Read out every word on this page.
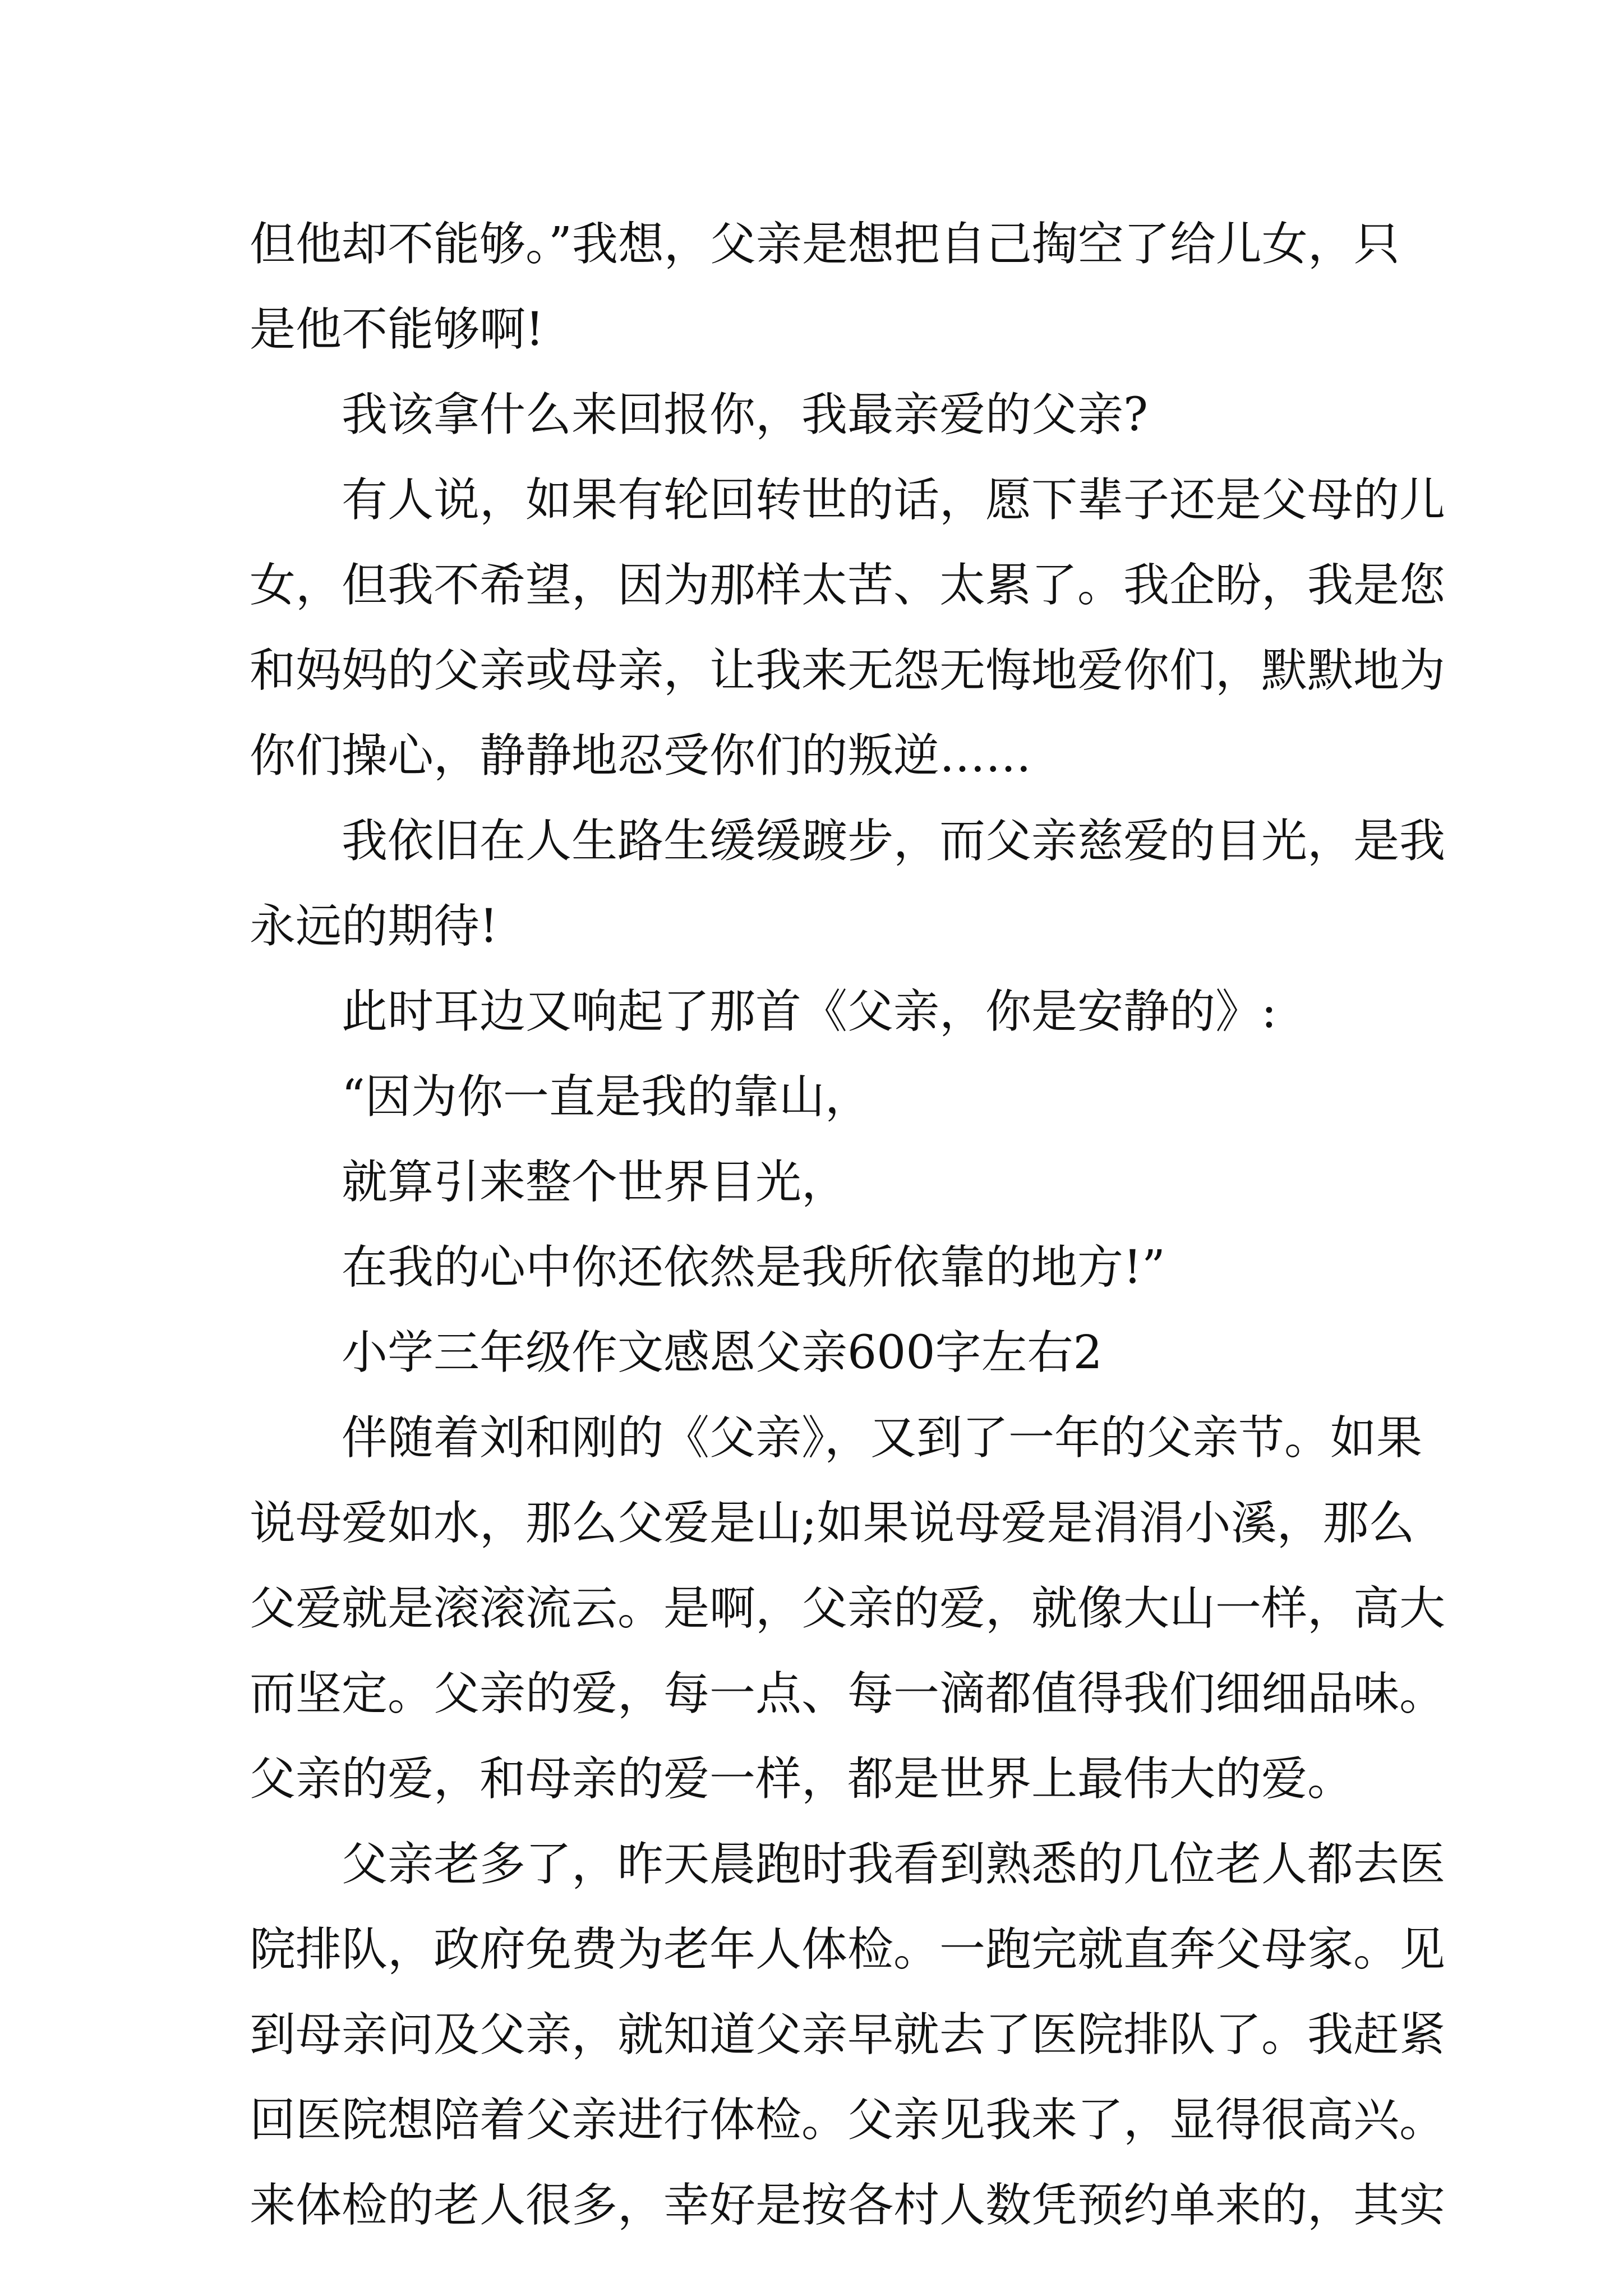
但他却不能够。”我想，父亲是想把自己掏空了给儿女，只
是他不能够啊!
我该拿什么来回报你，我最亲爱的父亲?
有人说，如果有轮回转世的话，愿下辈子还是父母的儿
女，但我不希望，因为那样太苦、太累了。我企盼，我是您
和妈妈的父亲或母亲，让我来无怨无悔地爱你们，默默地为
你们操心，静静地忍受你们的叛逆……
我依旧在人生路生缓缓踱步，而父亲慈爱的目光，是我
永远的期待!
此时耳边又响起了那首《父亲，你是安静的》:
“因为你一直是我的靠山，
就算引来整个世界目光，
在我的心中你还依然是我所依靠的地方!”
小学三年级作文感恩父亲600字左右2
伴随着刘和刚的《父亲》，又到了一年的父亲节。如果
说母爱如水，那么父爱是山;如果说母爱是涓涓小溪，那么
父爱就是滚滚流云。是啊，父亲的爱，就像大山一样，高大
而坚定。父亲的爱，每一点、每一滴都值得我们细细品味。
父亲的爱，和母亲的爱一样，都是世界上最伟大的爱。
父亲老多了，昨天晨跑时我看到熟悉的几位老人都去医
院排队，政府免费为老年人体检。一跑完就直奔父母家。见
到母亲问及父亲，就知道父亲早就去了医院排队了。我赶紧
回医院想陪着父亲进行体检。父亲见我来了，显得很高兴。
来体检的老人很多，幸好是按各村人数凭预约单来的，其实
